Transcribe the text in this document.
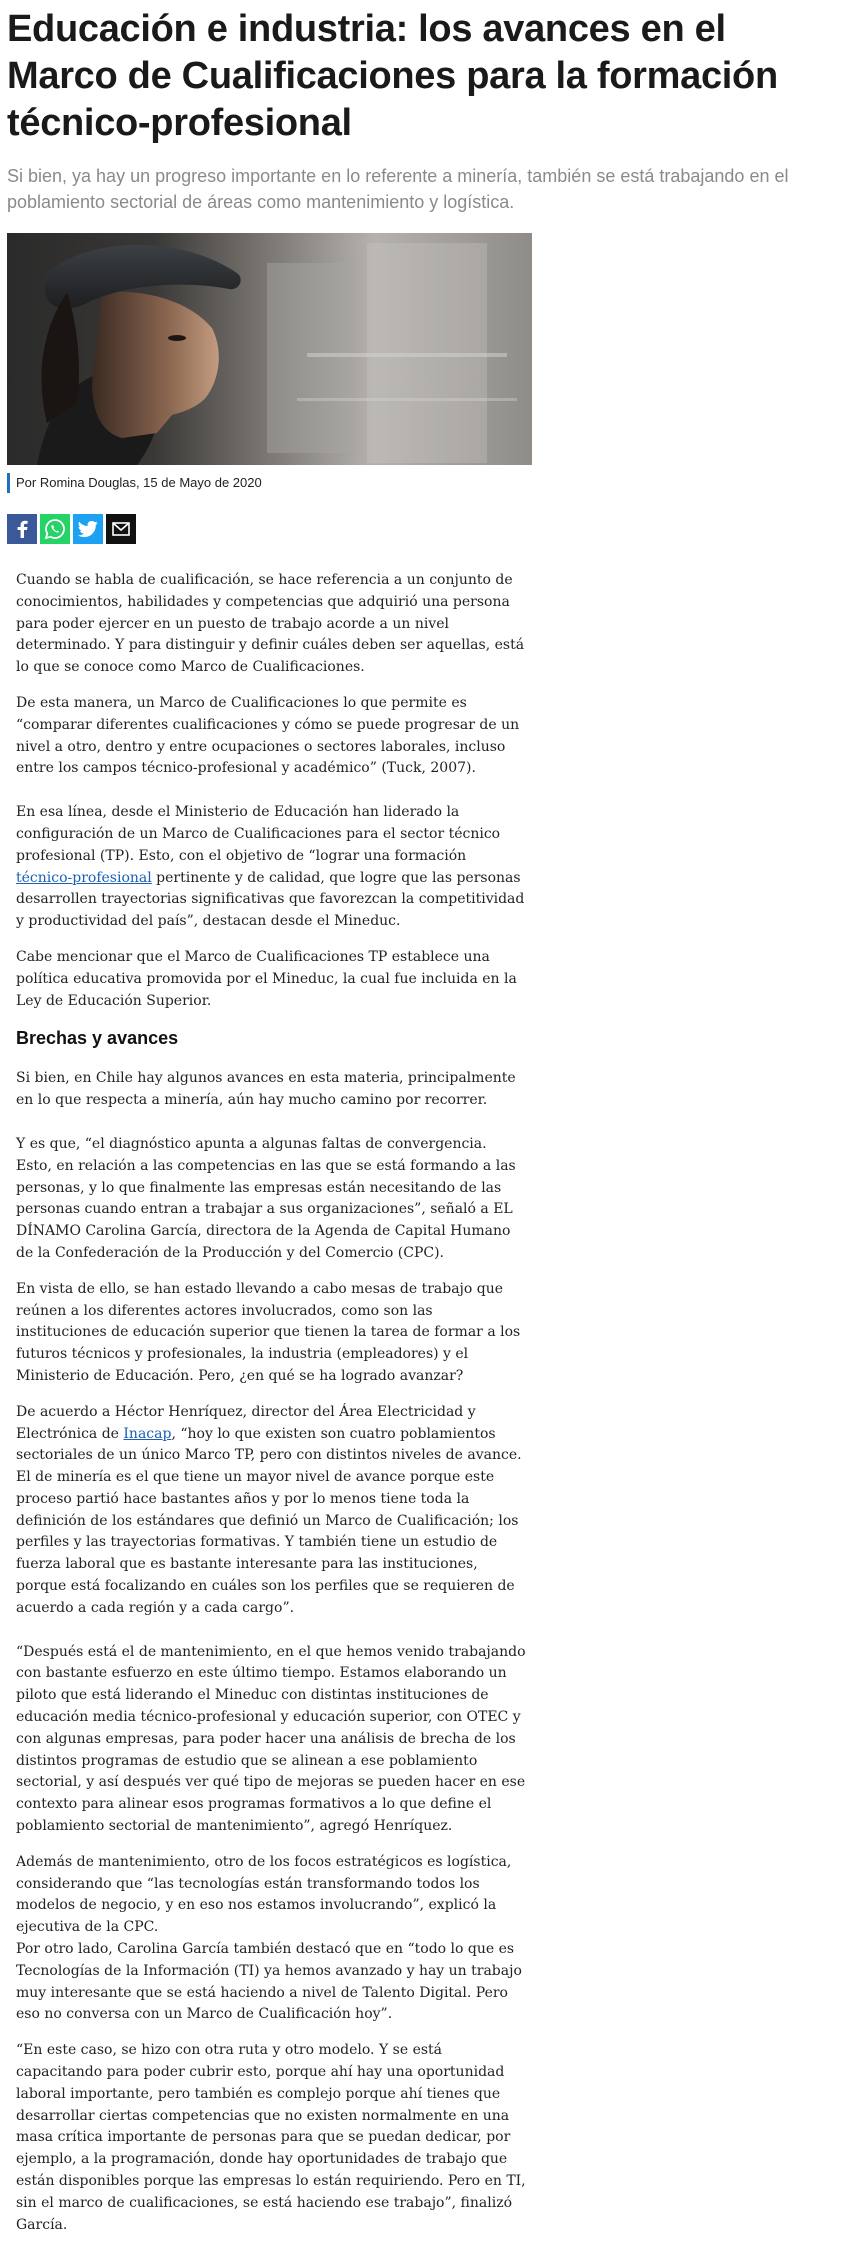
Educación e industria: los avances en el Marco de Cualificaciones para la formación técnico-profesional
Si bien, ya hay un progreso importante en lo referente a minería, también se está trabajando en el poblamiento sectorial de áreas como mantenimiento y logística.
Por Romina Douglas, 15 de Mayo de 2020

Cuando se habla de cualificación, se hace referencia a un conjunto de conocimientos, habilidades y competencias que adquirió una persona para poder ejercer en un puesto de trabajo acorde a un nivel determinado. Y para distinguir y definir cuáles deben ser aquellas, está lo que se conoce como Marco de Cualificaciones.

De esta manera, un Marco de Cualificaciones lo que permite es “comparar diferentes cualificaciones y cómo se puede progresar de un nivel a otro, dentro y entre ocupaciones o sectores laborales, incluso entre los campos técnico-profesional y académico” (Tuck, 2007).

En esa línea, desde el Ministerio de Educación han liderado la configuración de un Marco de Cualificaciones para el sector técnico profesional (TP). Esto, con el objetivo de “lograr una formación técnico-profesional pertinente y de calidad, que logre que las personas desarrollen trayectorias significativas que favorezcan la competitividad y productividad del país”, destacan desde el Mineduc.

Cabe mencionar que el Marco de Cualificaciones TP establece una política educativa promovida por el Mineduc, la cual fue incluida en la Ley de Educación Superior.

Brechas y avances

Si bien, en Chile hay algunos avances en esta materia, principalmente en lo que respecta a minería, aún hay mucho camino por recorrer.

Y es que, “el diagnóstico apunta a algunas faltas de convergencia. Esto, en relación a las competencias en las que se está formando a las personas, y lo que finalmente las empresas están necesitando de las personas cuando entran a trabajar a sus organizaciones”, señaló a EL DÍNAMO Carolina García, directora de la Agenda de Capital Humano de la Confederación de la Producción y del Comercio (CPC).

En vista de ello, se han estado llevando a cabo mesas de trabajo que reúnen a los diferentes actores involucrados, como son las instituciones de educación superior que tienen la tarea de formar a los futuros técnicos y profesionales, la industria (empleadores) y el Ministerio de Educación. Pero, ¿en qué se ha logrado avanzar?

De acuerdo a Héctor Henríquez, director del Área Electricidad y Electrónica de Inacap, “hoy lo que existen son cuatro poblamientos sectoriales de un único Marco TP, pero con distintos niveles de avance. El de minería es el que tiene un mayor nivel de avance porque este proceso partió hace bastantes años y por lo menos tiene toda la definición de los estándares que definió un Marco de Cualificación; los perfiles y las trayectorias formativas. Y también tiene un estudio de fuerza laboral que es bastante interesante para las instituciones, porque está focalizando en cuáles son los perfiles que se requieren de acuerdo a cada región y a cada cargo”.

“Después está el de mantenimiento, en el que hemos venido trabajando con bastante esfuerzo en este último tiempo. Estamos elaborando un piloto que está liderando el Mineduc con distintas instituciones de educación media técnico-profesional y educación superior, con OTEC y con algunas empresas, para poder hacer una análisis de brecha de los distintos programas de estudio que se alinean a ese poblamiento sectorial, y así después ver qué tipo de mejoras se pueden hacer en ese contexto para alinear esos programas formativos a lo que define el poblamiento sectorial de mantenimiento”, agregó Henríquez.

Además de mantenimiento, otro de los focos estratégicos es logística, considerando que “las tecnologías están transformando todos los modelos de negocio, y en eso nos estamos involucrando”, explicó la ejecutiva de la CPC.
Por otro lado, Carolina García también destacó que en “todo lo que es Tecnologías de la Información (TI) ya hemos avanzado y hay un trabajo muy interesante que se está haciendo a nivel de Talento Digital. Pero eso no conversa con un Marco de Cualificación hoy”.

“En este caso, se hizo con otra ruta y otro modelo. Y se está capacitando para poder cubrir esto, porque ahí hay una oportunidad laboral importante, pero también es complejo porque ahí tienes que desarrollar ciertas competencias que no existen normalmente en una masa crítica importante de personas para que se puedan dedicar, por ejemplo, a la programación, donde hay oportunidades de trabajo que están disponibles porque las empresas lo están requiriendo. Pero en TI, sin el marco de cualificaciones, se está haciendo ese trabajo”, finalizó García.
